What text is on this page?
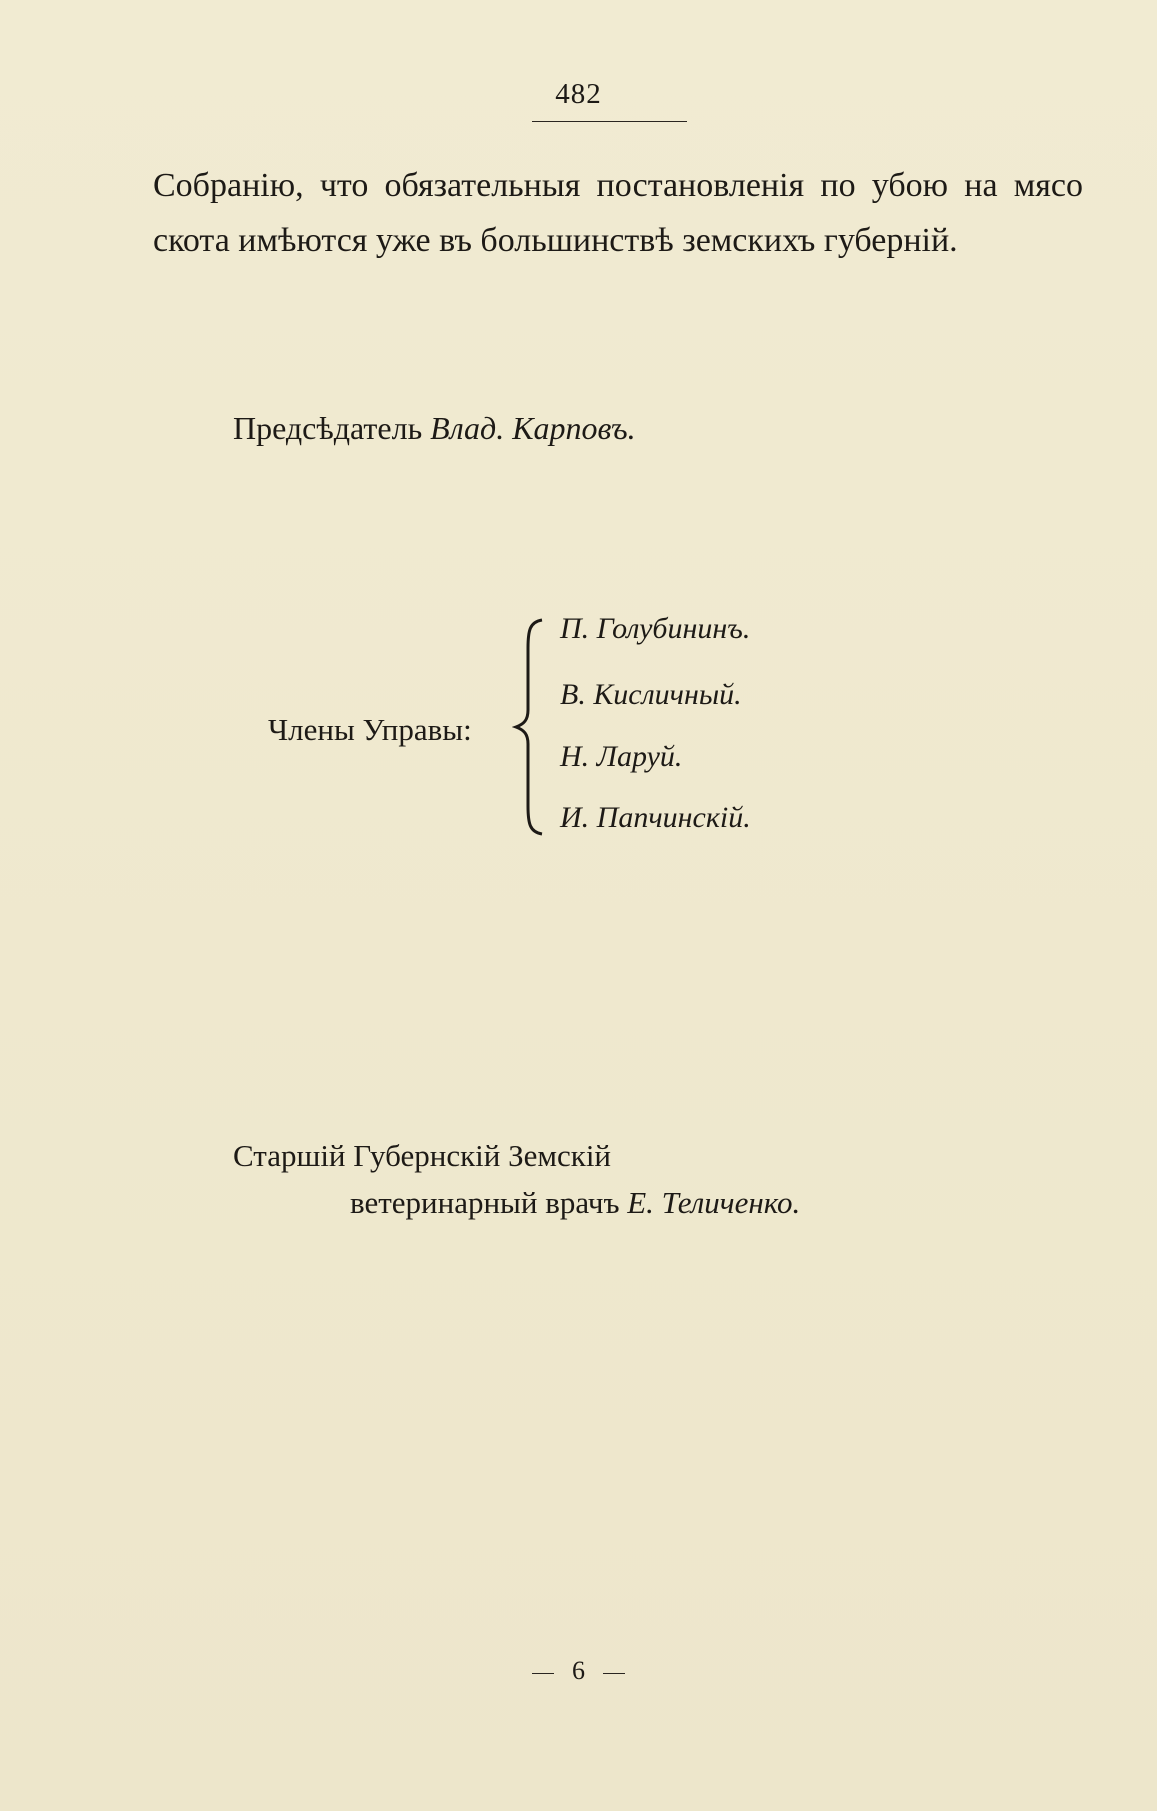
482

Собранію, что обязательныя постановленія по убою на мясо скота имѣются уже въ большинствѣ земскихъ губерній.

Предсѣдатель Влад. Карповъ.
Члены Управы:
П. Голубининъ.
В. Кисличный.
Н. Ларуй.
И. Папчинскій.
Старшій Губернскій Земскій
ветеринарный врачъ Е. Теличенко.
6
